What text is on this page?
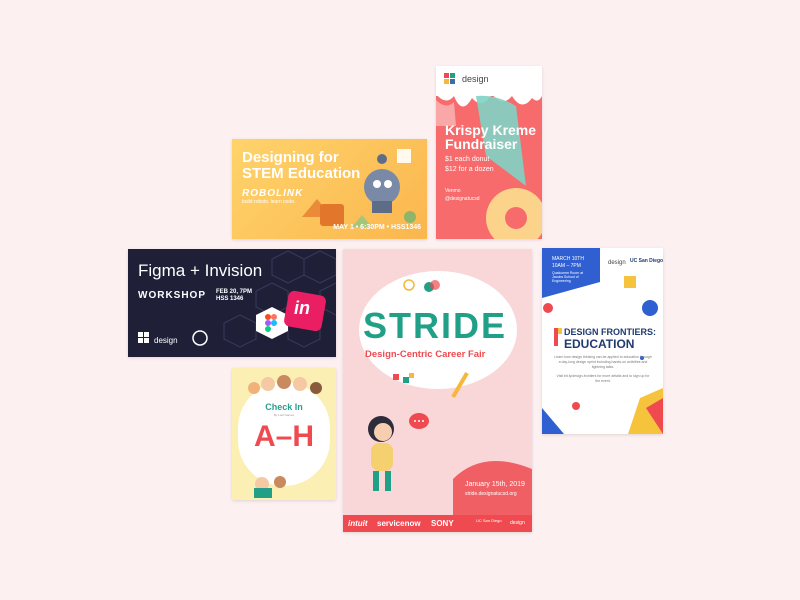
Designing for STEM Education
ROBOLINK
build robots. learn code.
MAY 1 • 6:30PM • HSS1346
design
Krispy Kreme Fundraiser
$1 each donut
$12 for a dozen
Venmo
@designatucsd
Figma + Invision
WORKSHOP FEB 20, 7PM HSS 1346
design
in
Check In
By Last Names
A–H
STRIDE
Design-Centric Career Fair
January 15th, 2019
stride.designatucsd.org
intuit servicenow SONY	UC San Diego design
MARCH 10TH
10AM – 7PM
Qualcomm Room at Jacobs School of Engineering
design UC San Diego
DESIGN FRONTIERS:
EDUCATION
Learn how design thinking can be applied to education through a day-long design sprint including hands-on activities and lightning talks.
Visit bit.ly/design-frontiers for more details and to sign up for the event.
